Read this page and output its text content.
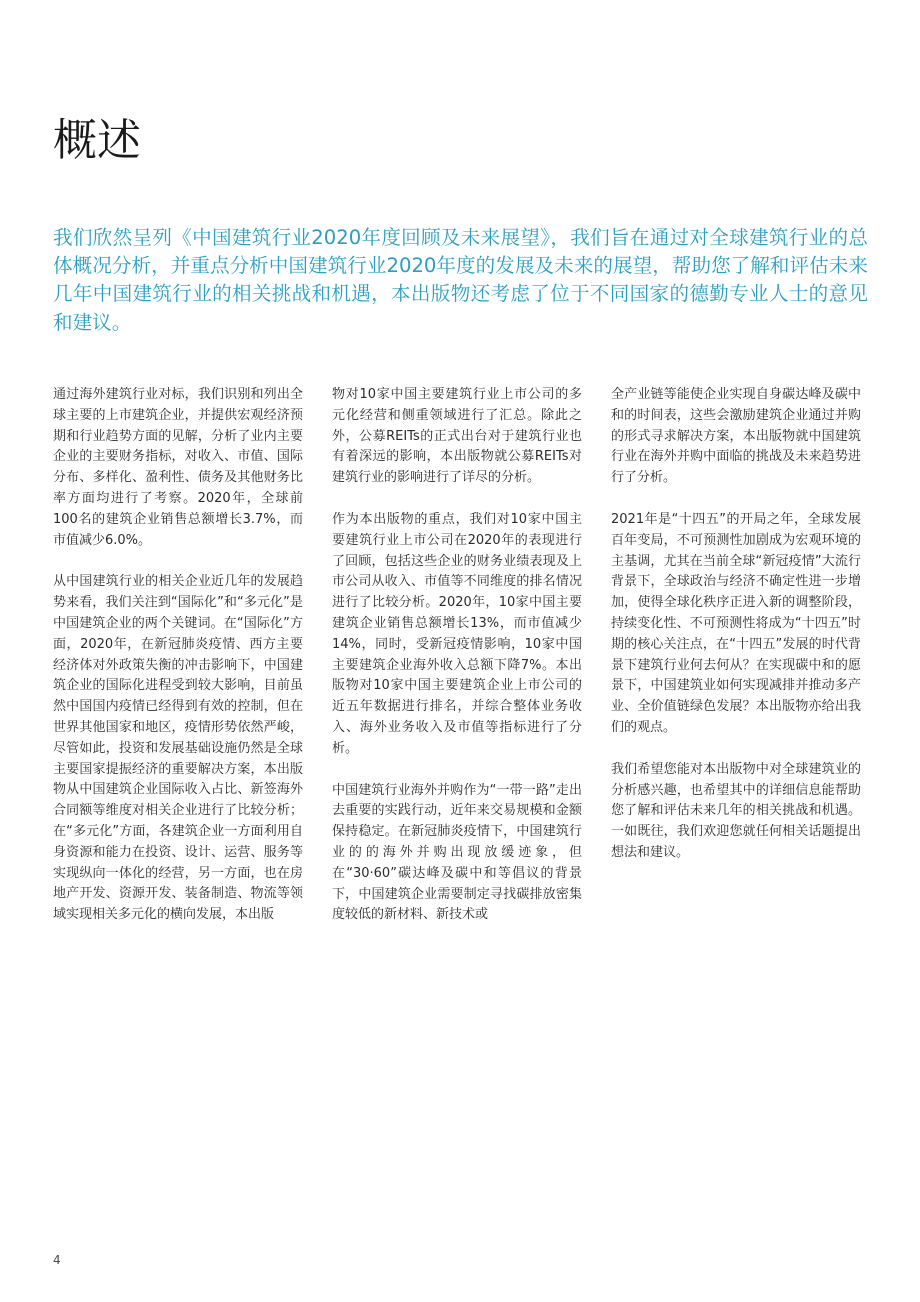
概述

我们欣然呈列《中国建筑行业2020年度回顾及未来展望》，我们旨在通过对全球建筑行业的总体概况分析，并重点分析中国建筑行业2020年度的发展及未来的展望，帮助您了解和评估未来几年中国建筑行业的相关挑战和机遇，本出版物还考虑了位于不同国家的德勤专业人士的意见和建议。

通过海外建筑行业对标，我们识别和列出全球主要的上市建筑企业，并提供宏观经济预期和行业趋势方面的见解，分析了业内主要企业的主要财务指标，对收入、市值、国际分布、多样化、盈利性、债务及其他财务比率方面均进行了考察。2020年，全球前100名的建筑企业销售总额增长3.7%，而市值减少6.0%。

从中国建筑行业的相关企业近几年的发展趋势来看，我们关注到“国际化”和“多元化”是中国建筑企业的两个关键词。在“国际化”方面，2020年，在新冠肺炎疫情、西方主要经济体对外政策失衡的冲击影响下，中国建筑企业的国际化进程受到较大影响，目前虽然中国国内疫情已经得到有效的控制，但在世界其他国家和地区，疫情形势依然严峻，尽管如此，投资和发展基础设施仍然是全球主要国家提振经济的重要解决方案，本出版物从中国建筑企业国际收入占比、新签海外合同额等维度对相关企业进行了比较分析；在“多元化”方面，各建筑企业一方面利用自身资源和能力在投资、设计、运营、服务等实现纵向一体化的经营，另一方面，也在房地产开发、资源开发、装备制造、物流等领域实现相关多元化的横向发展，本出版

物对10家中国主要建筑行业上市公司的多元化经营和侧重领域进行了汇总。除此之外，公募REITs的正式出台对于建筑行业也有着深远的影响，本出版物就公募REITs对建筑行业的影响进行了详尽的分析。

作为本出版物的重点，我们对10家中国主要建筑行业上市公司在2020年的表现进行了回顾，包括这些企业的财务业绩表现及上市公司从收入、市值等不同维度的排名情况进行了比较分析。2020年，10家中国主要建筑企业销售总额增长13%，而市值减少14%，同时，受新冠疫情影响，10家中国主要建筑企业海外收入总额下降7%。本出版物对10家中国主要建筑企业上市公司的近五年数据进行排名，并综合整体业务收入、海外业务收入及市值等指标进行了分析。

中国建筑行业海外并购作为“一带一路”走出去重要的实践行动，近年来交易规模和金额保持稳定。在新冠肺炎疫情下，中国建筑行业的的海外并购出现放缓迹象，但在“30·60”碳达峰及碳中和等倡议的背景下，中国建筑企业需要制定寻找碳排放密集度较低的新材料、新技术或

全产业链等能使企业实现自身碳达峰及碳中和的时间表，这些会激励建筑企业通过并购的形式寻求解决方案，本出版物就中国建筑行业在海外并购中面临的挑战及未来趋势进行了分析。

2021年是“十四五”的开局之年，全球发展百年变局，不可预测性加剧成为宏观环境的主基调，尤其在当前全球“新冠疫情”大流行背景下，全球政治与经济不确定性进一步增加，使得全球化秩序正进入新的调整阶段，持续变化性、不可预测性将成为“十四五”时期的核心关注点，在“十四五”发展的时代背景下建筑行业何去何从？在实现碳中和的愿景下，中国建筑业如何实现减排并推动多产业、全价值链绿色发展？本出版物亦给出我们的观点。

我们希望您能对本出版物中对全球建筑业的分析感兴趣，也希望其中的详细信息能帮助您了解和评估未来几年的相关挑战和机遇。一如既往，我们欢迎您就任何相关话题提出想法和建议。

4
